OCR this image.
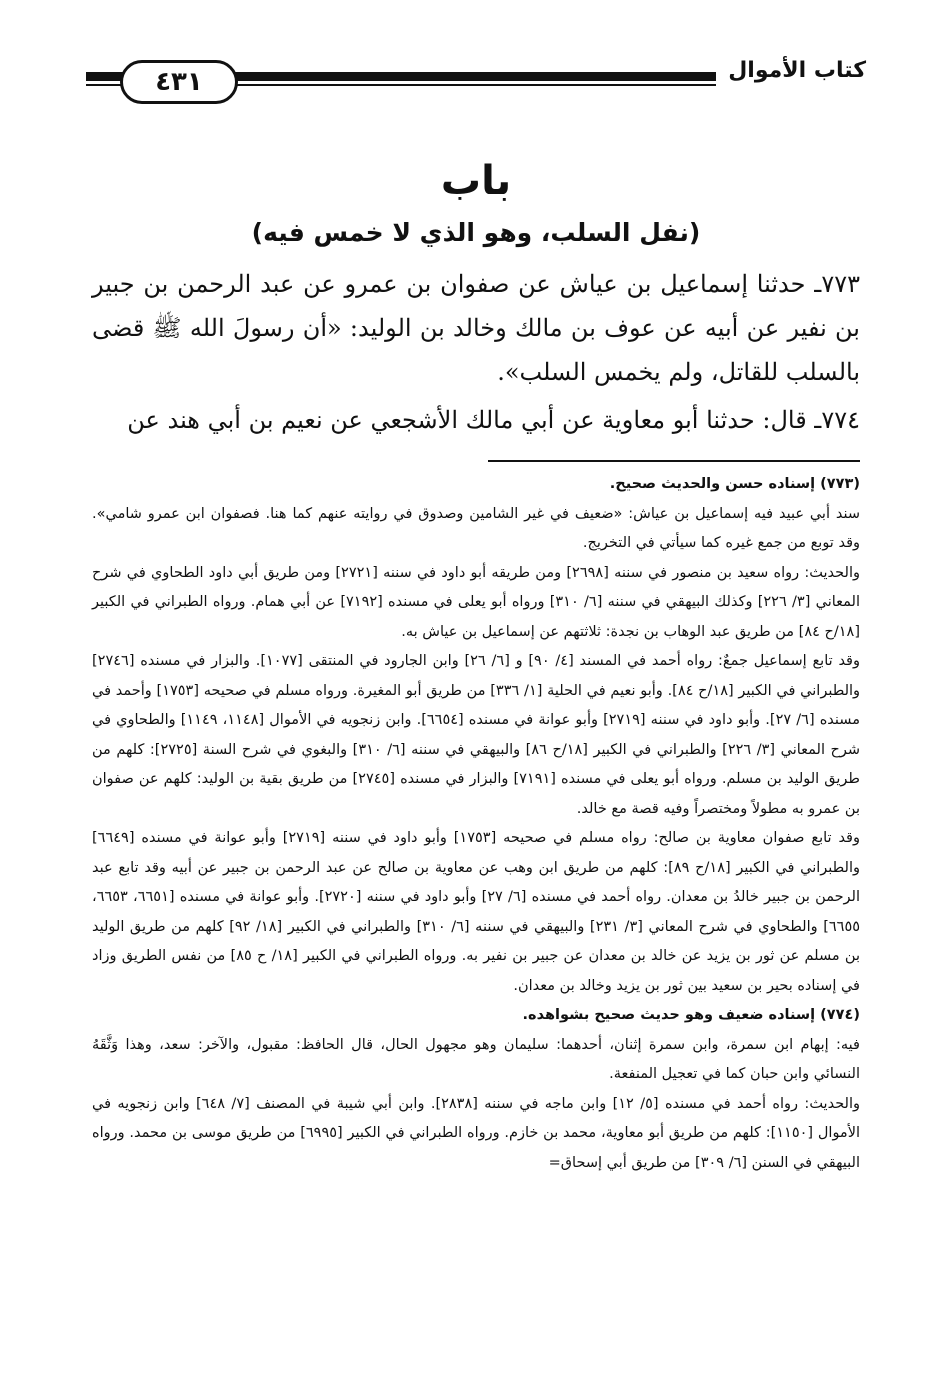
٤٣١	كتاب الأموال
باب
(نفل السلب، وهو الذي لا خمس فيه)

٧٧٣ـ حدثنا إسماعيل بن عياش عن صفوان بن عمرو عن عبد الرحمن بن جبير بن نفير عن أبيه عن عوف بن مالك وخالد بن الوليد: «أن رسولَ الله ﷺ قضى بالسلب للقاتل، ولم يخمس السلب».

٧٧٤ـ قال: حدثنا أبو معاوية عن أبي مالك الأشجعي عن نعيم بن أبي هند عن

(٧٧٣) إسناده حسن والحديث صحيح.

سند أبي عبيد فيه إسماعيل بن عياش: «ضعيف في غير الشامين وصدوق في روايته عنهم كما هنا. فصفوان ابن عمرو شامي». وقد توبع من جمع غيره كما سيأتي في التخريج.

والحديث: رواه سعيد بن منصور في سننه [٢٦٩٨] ومن طريقه أبو داود في سننه [٢٧٢١] ومن طريق أبي داود الطحاوي في شرح المعاني [٣/ ٢٢٦] وكذلك البيهقي في سننه [٦/ ٣١٠] ورواه أبو يعلى في مسنده [٧١٩٢] عن أبي همام. ورواه الطبراني في الكبير [١٨/ح ٨٤] من طريق عبد الوهاب بن نجدة: ثلاثتهم عن إسماعيل بن عياش به.

وقد تابع إسماعيل جمعٌ: رواه أحمد في المسند [٤/ ٩٠] و [٦/ ٢٦] وابن الجارود في المنتقى [١٠٧٧]. والبزار في مسنده [٢٧٤٦] والطبراني في الكبير [١٨/ح ٨٤]. وأبو نعيم في الحلية [١/ ٣٣٦] من طريق أبو المغيرة. ورواه مسلم في صحيحه [١٧٥٣] وأحمد في مسنده [٦/ ٢٧]. وأبو داود في سننه [٢٧١٩] وأبو عوانة في مسنده [٦٦٥٤]. وابن زنجويه في الأموال [١١٤٨، ١١٤٩] والطحاوي في شرح المعاني [٣/ ٢٢٦] والطبراني في الكبير [١٨/ح ٨٦] والبيهقي في سننه [٦/ ٣١٠] والبغوي في شرح السنة [٢٧٢٥]: كلهم من طريق الوليد بن مسلم. ورواه أبو يعلى في مسنده [٧١٩١] والبزار في مسنده [٢٧٤٥] من طريق بقية بن الوليد: كلهم عن صفوان بن عمرو به مطولاً ومختصراً وفيه قصة مع خالد.

وقد تابع صفوان معاوية بن صالح: رواه مسلم في صحيحه [١٧٥٣] وأبو داود في سننه [٢٧١٩] وأبو عوانة في مسنده [٦٦٤٩] والطبراني في الكبير [١٨/ح ٨٩]: كلهم من طريق ابن وهب عن معاوية بن صالح عن عبد الرحمن بن جبير عن أبيه وقد تابع عبد الرحمن بن جبير خالدُ بن معدان. رواه أحمد في مسنده [٦/ ٢٧] وأبو داود في سننه [٢٧٢٠]. وأبو عوانة في مسنده [٦٦٥١، ٦٦٥٣، ٦٦٥٥] والطحاوي في شرح المعاني [٣/ ٢٣١] والبيهقي في سننه [٦/ ٣١٠] والطبراني في الكبير [١٨/ ٩٢] كلهم من طريق الوليد بن مسلم عن ثور بن يزيد عن خالد بن معدان عن جبير بن نفير به. ورواه الطبراني في الكبير [١٨/ ح ٨٥] من نفس الطريق وزاد في إسناده بحير بن سعيد بين ثور بن يزيد وخالد بن معدان.

(٧٧٤) إسناده ضعيف وهو حديث صحيح بشواهده.

فيه: إبهام ابن سمرة، وابن سمرة إثنان، أحدهما: سليمان وهو مجهول الحال، قال الحافظ: مقبول، والآخر: سعد، وهذا وَثَّقَهُ النسائي وابن حبان كما في تعجيل المنفعة.

والحديث: رواه أحمد في مسنده [٥/ ١٢] وابن ماجه في سننه [٢٨٣٨]. وابن أبي شيبة في المصنف [٧/ ٦٤٨] وابن زنجويه في الأموال [١١٥٠]: كلهم من طريق أبو معاوية، محمد بن خازم. ورواه الطبراني في الكبير [٦٩٩٥] من طريق موسى بن محمد. ورواه البيهقي في السنن [٦/ ٣٠٩] من طريق أبي إسحاق=
